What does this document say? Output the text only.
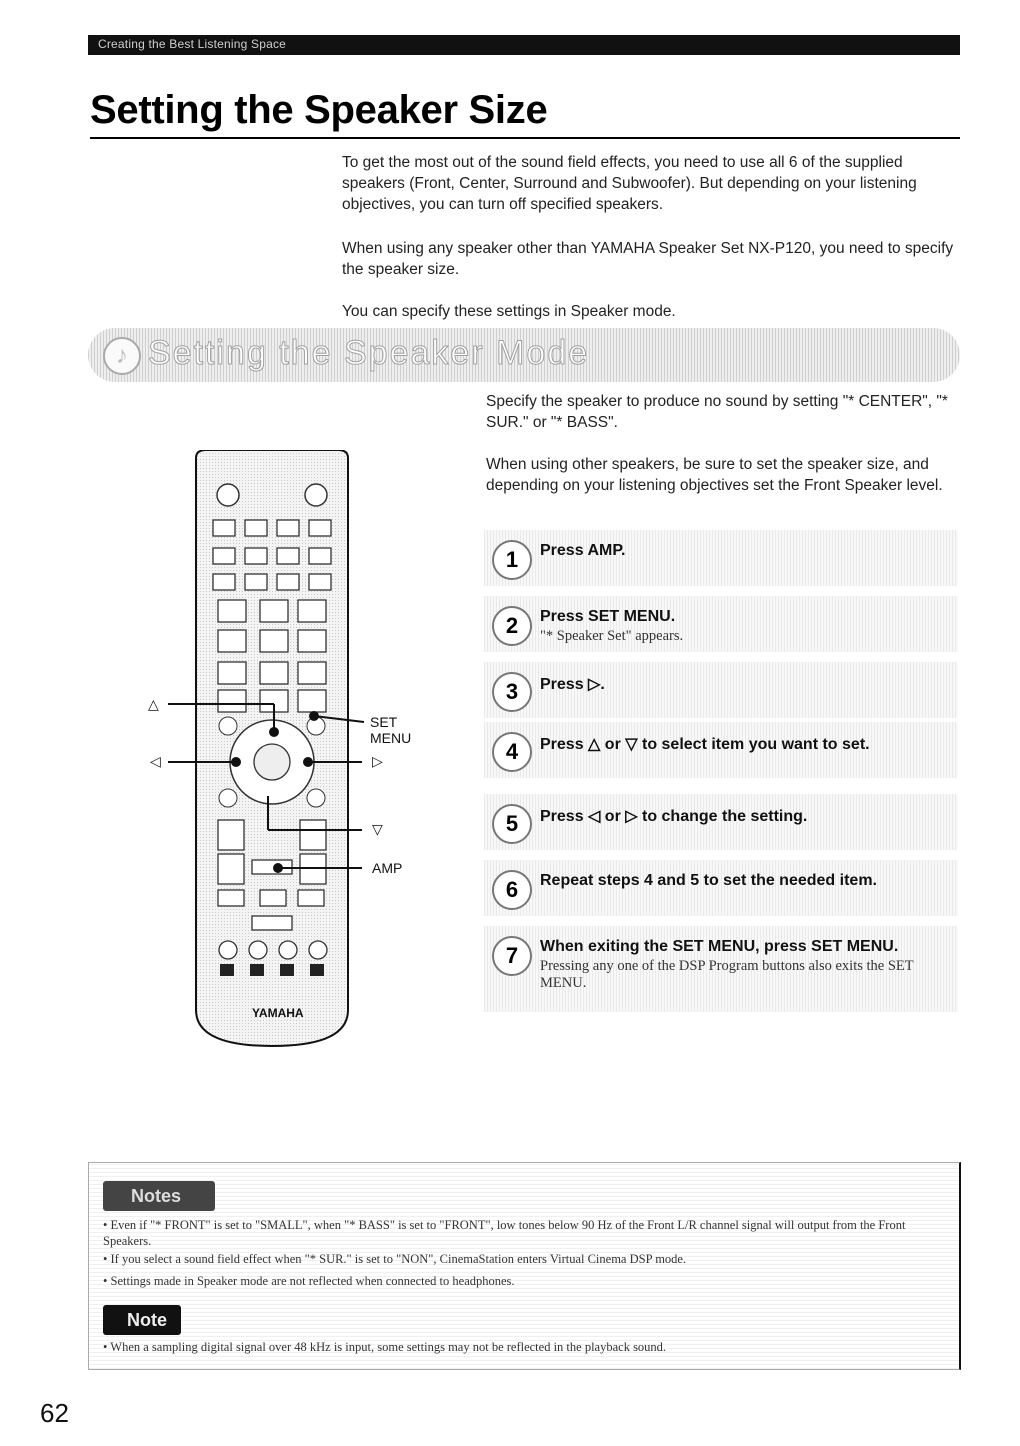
Creating the Best Listening Space
Setting the Speaker Size

To get the most out of the sound field effects, you need to use all 6 of the supplied speakers (Front, Center, Surround and Subwoofer). But depending on your listening objectives, you can turn off specified speakers.

When using any speaker other than YAMAHA Speaker Set NX-P120, you need to specify the speaker size.

You can specify these settings in Speaker mode.

♪ Setting the Speaker Mode

Specify the speaker to produce no sound by setting "* CENTER", "* SUR." or "* BASS".

When using other speakers, be sure to set the speaker size, and depending on your listening objectives set the Front Speaker level.

YAMAHA
△
◁
SET MENU
▷
▽
AMP
1	Press AMP.
2	Press SET MENU.
"* Speaker Set" appears.
3	Press ▷.
4	Press △ or ▽ to select item you want to set.
5	Press ◁ or ▷ to change the setting.
6	Repeat steps 4 and 5 to set the needed item.
7	When exiting the SET MENU, press SET MENU.
Pressing any one of the DSP Program buttons also exits the SET MENU.
Notes
• Even if "* FRONT" is set to "SMALL", when "* BASS" is set to "FRONT", low tones below 90 Hz of the Front L/R channel signal will output from the Front Speakers.
• If you select a sound field effect when "* SUR." is set to "NON", CinemaStation enters Virtual Cinema DSP mode.
• Settings made in Speaker mode are not reflected when connected to headphones.
Note
• When a sampling digital signal over 48 kHz is input, some settings may not be reflected in the playback sound.
62
